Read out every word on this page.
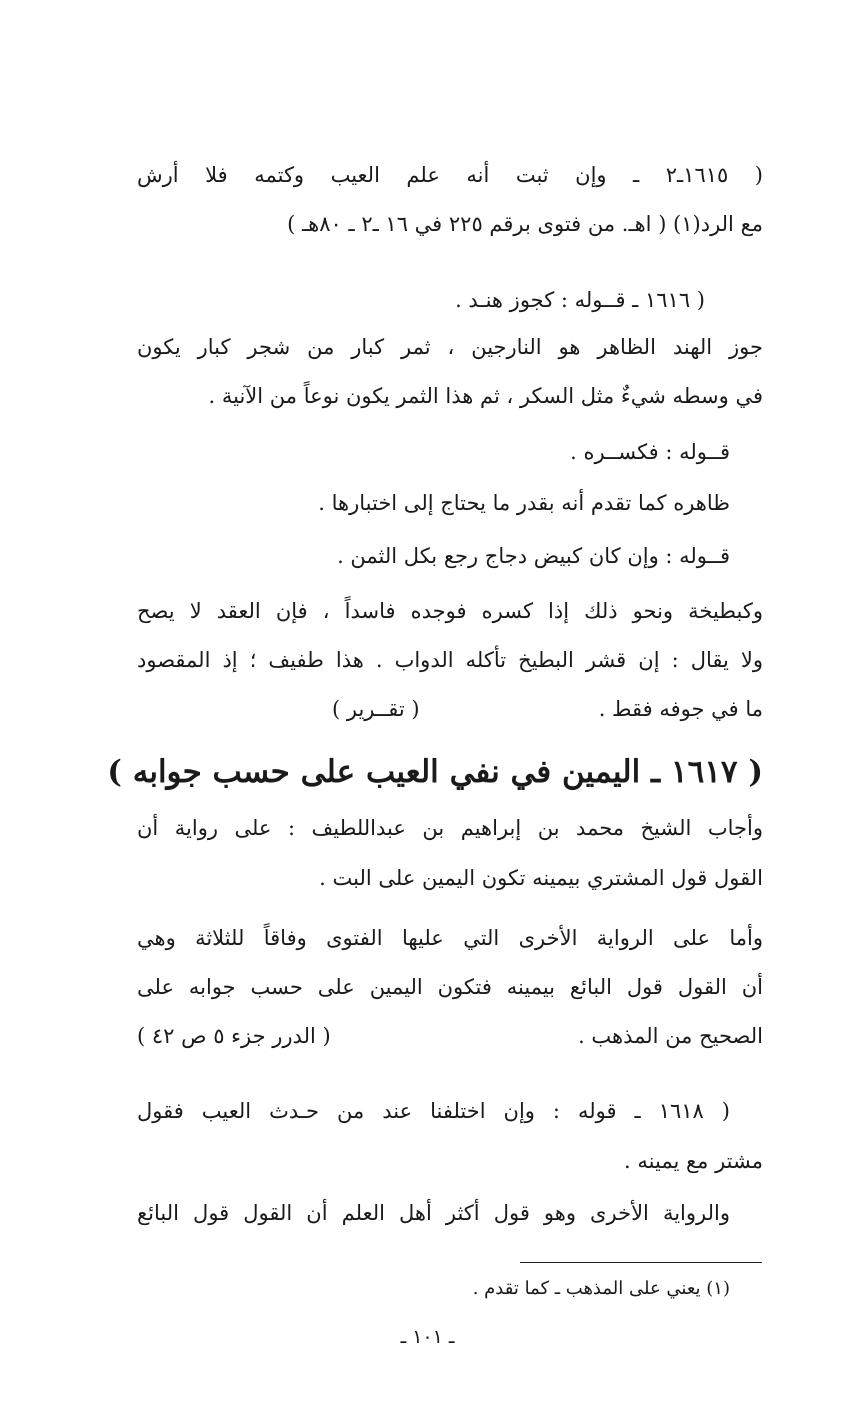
( ١٦١٥ـ٢ ـ وإن ثبت أنه علم العيب وكتمه فلا أرش
مع الرد(١) ( اهـ. من فتوى برقم ٢٢٥ في ١٦ ـ٢ ـ ٨٠هـ )
( ١٦١٦ ـ قــوله : كجوز هنـد .
جوز الهند الظاهر هو النارجين ، ثمر كبار من شجر كبار يكون
في وسطه شيءٌ مثل السكر ، ثم هذا الثمر يكون نوعاً من الآنية .
قــوله : فكســره .
ظاهره كما تقدم أنه بقدر ما يحتاج إلى اختبارها .
قــوله : وإن كان كبيض دجاج رجع بكل الثمن .
وكبطيخة ونحو ذلك إذا كسره فوجده فاسداً ، فإن العقد لا يصح
ولا يقال : إن قشر البطيخ تأكله الدواب . هذا طفيف ؛ إذ المقصود
ما في جوفه فقط .
( تقــرير )
( ١٦١٧ ـ اليمين في نفي العيب على حسب جوابه )
وأجاب الشيخ محمد بن إبراهيم بن عبداللطيف : على رواية أن
القول قول المشتري بيمينه تكون اليمين على البت .
وأما على الرواية الأخرى التي عليها الفتوى وفاقاً للثلاثة وهي
أن القول قول البائع بيمينه فتكون اليمين على حسب جوابه على
الصحيح من المذهب .
( الدرر جزء ٥ ص ٤٢ )
( ١٦١٨ ـ قوله : وإن اختلفنا عند من حـدث العيب فقول
مشتر مع يمينه .
والرواية الأخرى وهو قول أكثر أهل العلم أن القول قول البائع
(١) يعني على المذهب ـ كما تقدم .
ـ ١٠١ ـ
